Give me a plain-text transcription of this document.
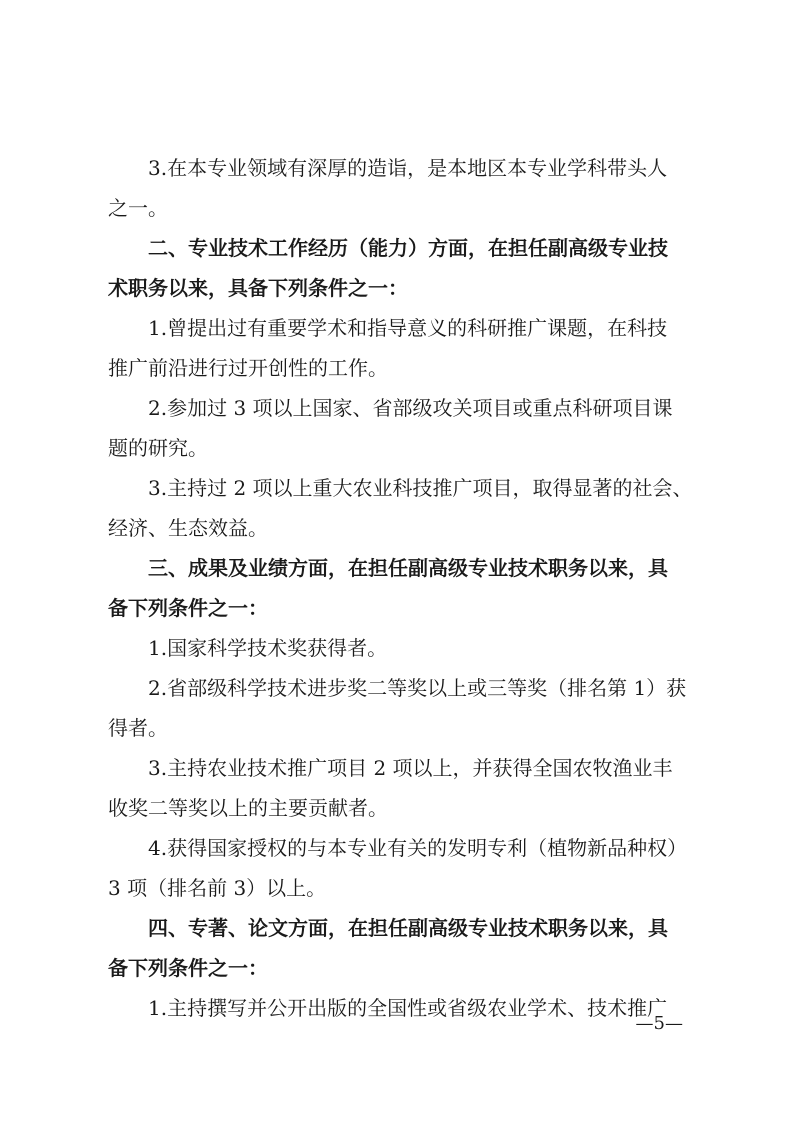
3.在本专业领域有深厚的造诣，是本地区本专业学科带头人
之一。
二、专业技术工作经历（能力）方面，在担任副高级专业技
术职务以来，具备下列条件之一：
1.曾提出过有重要学术和指导意义的科研推广课题，在科技
推广前沿进行过开创性的工作。
2.参加过 3 项以上国家、省部级攻关项目或重点科研项目课
题的研究。
3.主持过 2 项以上重大农业科技推广项目，取得显著的社会、
经济、生态效益。
三、成果及业绩方面，在担任副高级专业技术职务以来，具
备下列条件之一：
1.国家科学技术奖获得者。
2.省部级科学技术进步奖二等奖以上或三等奖（排名第 1）获
得者。
3.主持农业技术推广项目 2 项以上，并获得全国农牧渔业丰
收奖二等奖以上的主要贡献者。
4.获得国家授权的与本专业有关的发明专利（植物新品种权）
3 项（排名前 3）以上。
四、专著、论文方面，在担任副高级专业技术职务以来，具
备下列条件之一：
1.主持撰写并公开出版的全国性或省级农业学术、技术推广
—5—
